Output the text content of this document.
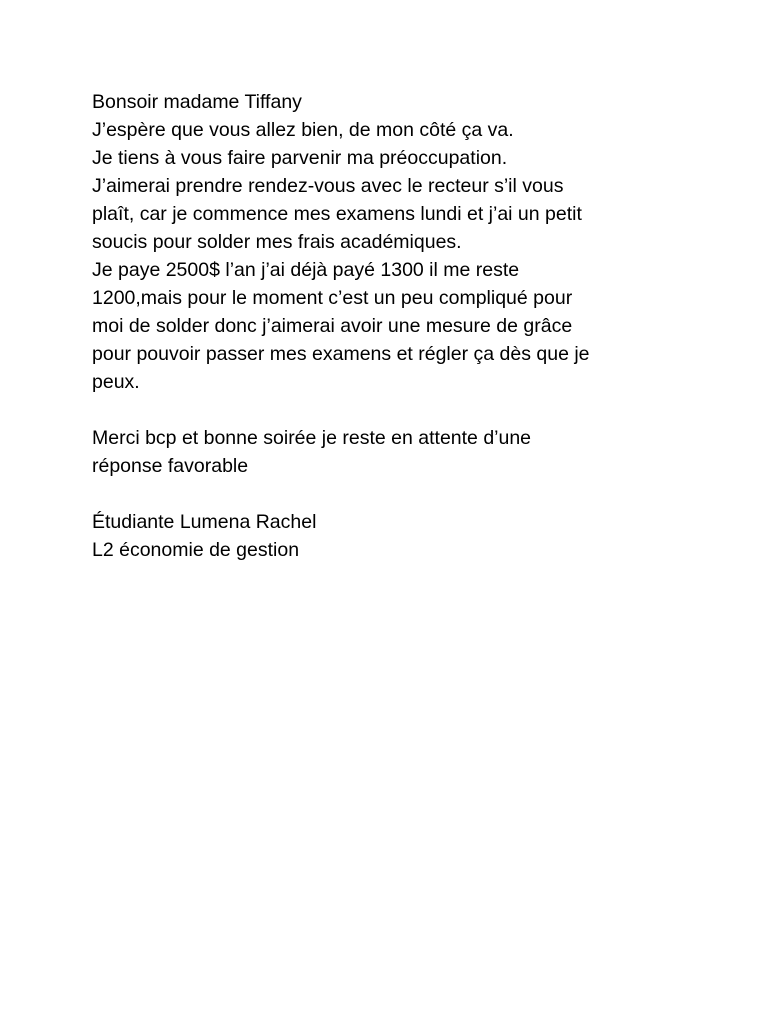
Bonsoir madame Tiffany
J’espère que vous allez bien, de mon côté ça va.
Je tiens à vous faire parvenir ma préoccupation.
J’aimerai prendre rendez-vous avec le recteur s’il vous
plaît, car je commence mes examens lundi et j’ai un petit
soucis pour solder mes frais académiques.
Je paye 2500$ l’an j’ai déjà payé 1300 il me reste
1200,mais pour le moment c’est un peu compliqué pour
moi de solder donc j’aimerai avoir une mesure de grâce
pour pouvoir passer mes examens et régler ça dès que je
peux.
Merci bcp et bonne soirée je reste en attente d’une
réponse favorable
Étudiante Lumena Rachel
L2 économie de gestion
